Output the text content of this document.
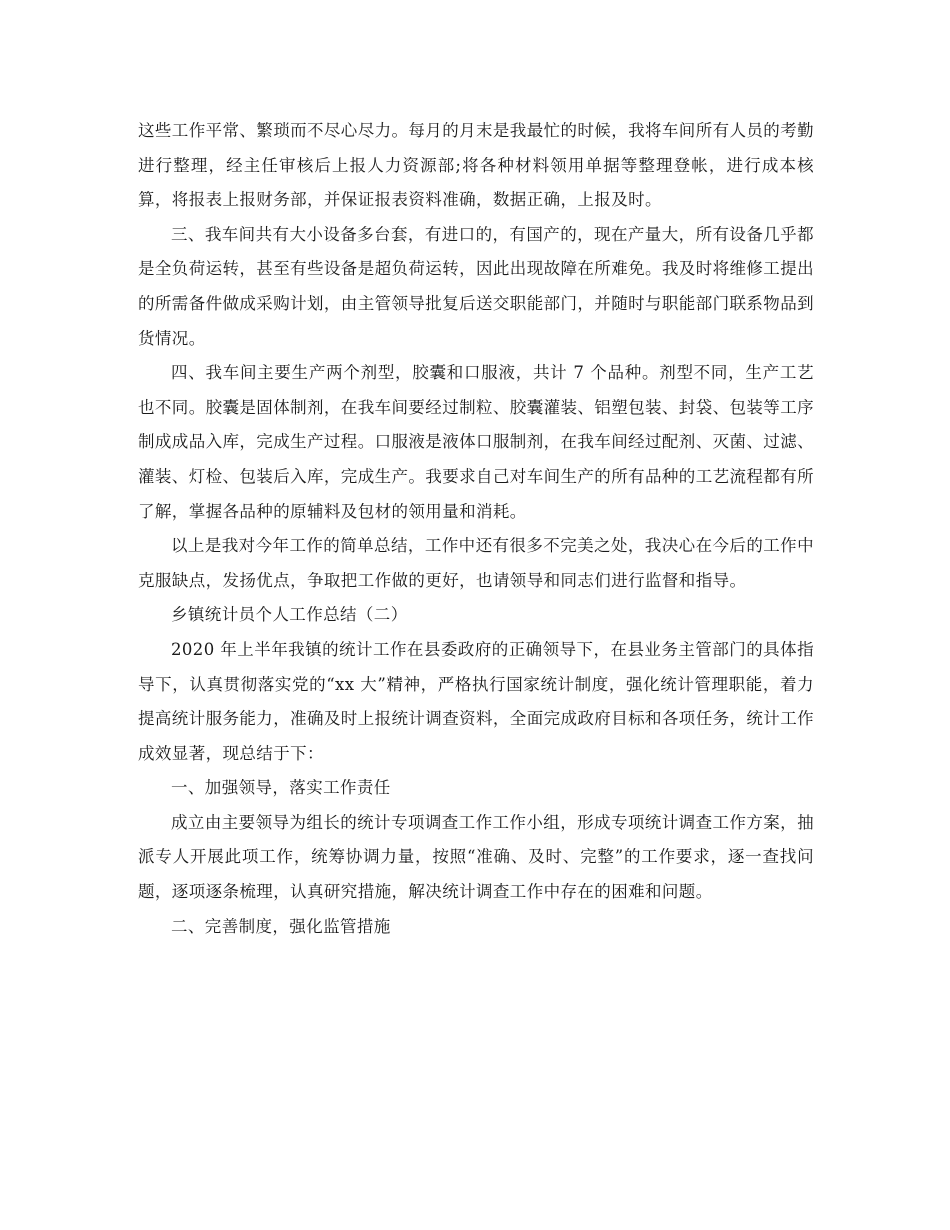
这些工作平常、繁琐而不尽心尽力。每月的月末是我最忙的时候，我将车间所有人员的考勤进行整理，经主任审核后上报人力资源部;将各种材料领用单据等整理登帐，进行成本核算，将报表上报财务部，并保证报表资料准确，数据正确，上报及时。

三、我车间共有大小设备多台套，有进口的，有国产的，现在产量大，所有设备几乎都是全负荷运转，甚至有些设备是超负荷运转，因此出现故障在所难免。我及时将维修工提出的所需备件做成采购计划，由主管领导批复后送交职能部门，并随时与职能部门联系物品到货情况。

四、我车间主要生产两个剂型，胶囊和口服液，共计 7 个品种。剂型不同，生产工艺也不同。胶囊是固体制剂，在我车间要经过制粒、胶囊灌装、铝塑包装、封袋、包装等工序制成成品入库，完成生产过程。口服液是液体口服制剂，在我车间经过配剂、灭菌、过滤、灌装、灯检、包装后入库，完成生产。我要求自己对车间生产的所有品种的工艺流程都有所了解，掌握各品种的原辅料及包材的领用量和消耗。

以上是我对今年工作的简单总结，工作中还有很多不完美之处，我决心在今后的工作中克服缺点，发扬优点，争取把工作做的更好，也请领导和同志们进行监督和指导。

乡镇统计员个人工作总结（二）

2020 年上半年我镇的统计工作在县委政府的正确领导下，在县业务主管部门的具体指导下，认真贯彻落实党的“xx 大”精神，严格执行国家统计制度，强化统计管理职能，着力提高统计服务能力，准确及时上报统计调查资料，全面完成政府目标和各项任务，统计工作成效显著，现总结于下：

一、加强领导，落实工作责任

成立由主要领导为组长的统计专项调查工作工作小组，形成专项统计调查工作方案，抽派专人开展此项工作，统筹协调力量，按照“准确、及时、完整”的工作要求，逐一查找问题，逐项逐条梳理，认真研究措施，解决统计调查工作中存在的困难和问题。

二、完善制度，强化监管措施
